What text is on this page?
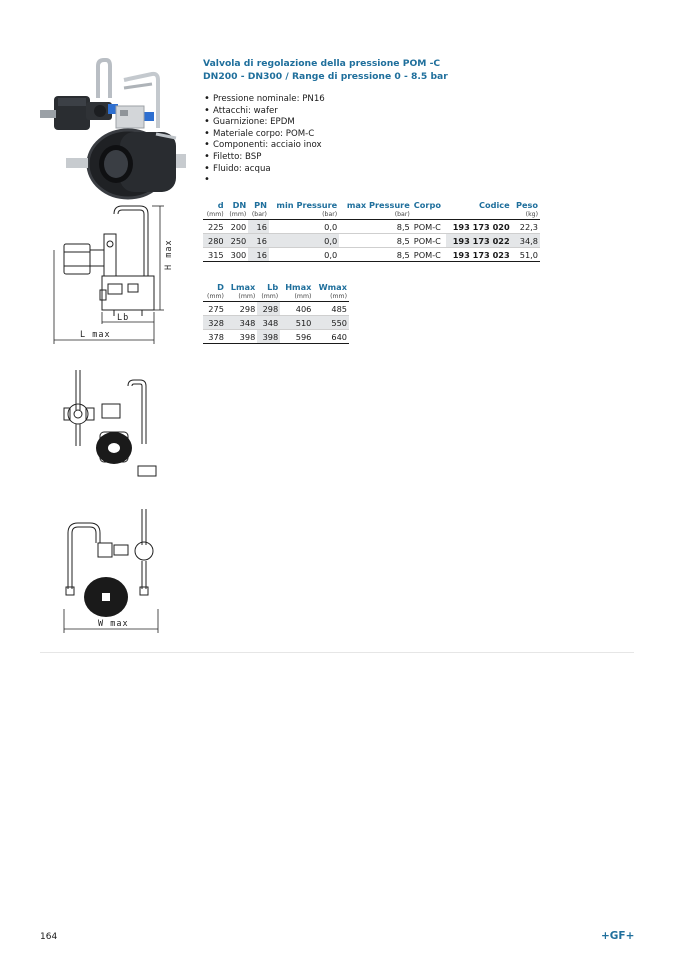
H max
Lb
L max
W max
Valvola di regolazione della pressione POM -C
DN200 - DN300 / Range di pressione 0 - 8.5 bar
• Pressione nominale: PN16
• Attacchi: wafer
• Guarnizione: EPDM
• Materiale corpo: POM-C
• Componenti: acciaio inox
• Filetto: BSP
• Fluido: acqua
•
d	DN	PN	min Pressure	max Pressure	Corpo	Codice	Peso
(mm)	(mm)	(bar)	(bar)	(bar)			(kg)
225	200	16	0,0	8,5	POM-C	193 173 020	22,3
280	250	16	0,0	8,5	POM-C	193 173 022	34,8
315	300	16	0,0	8,5	POM-C	193 173 023	51,0
D	Lmax	Lb	Hmax	Wmax
(mm)	(mm)	(mm)	(mm)	(mm)
275	298	298	406	485
328	348	348	510	550
378	398	398	596	640
164	+GF+
